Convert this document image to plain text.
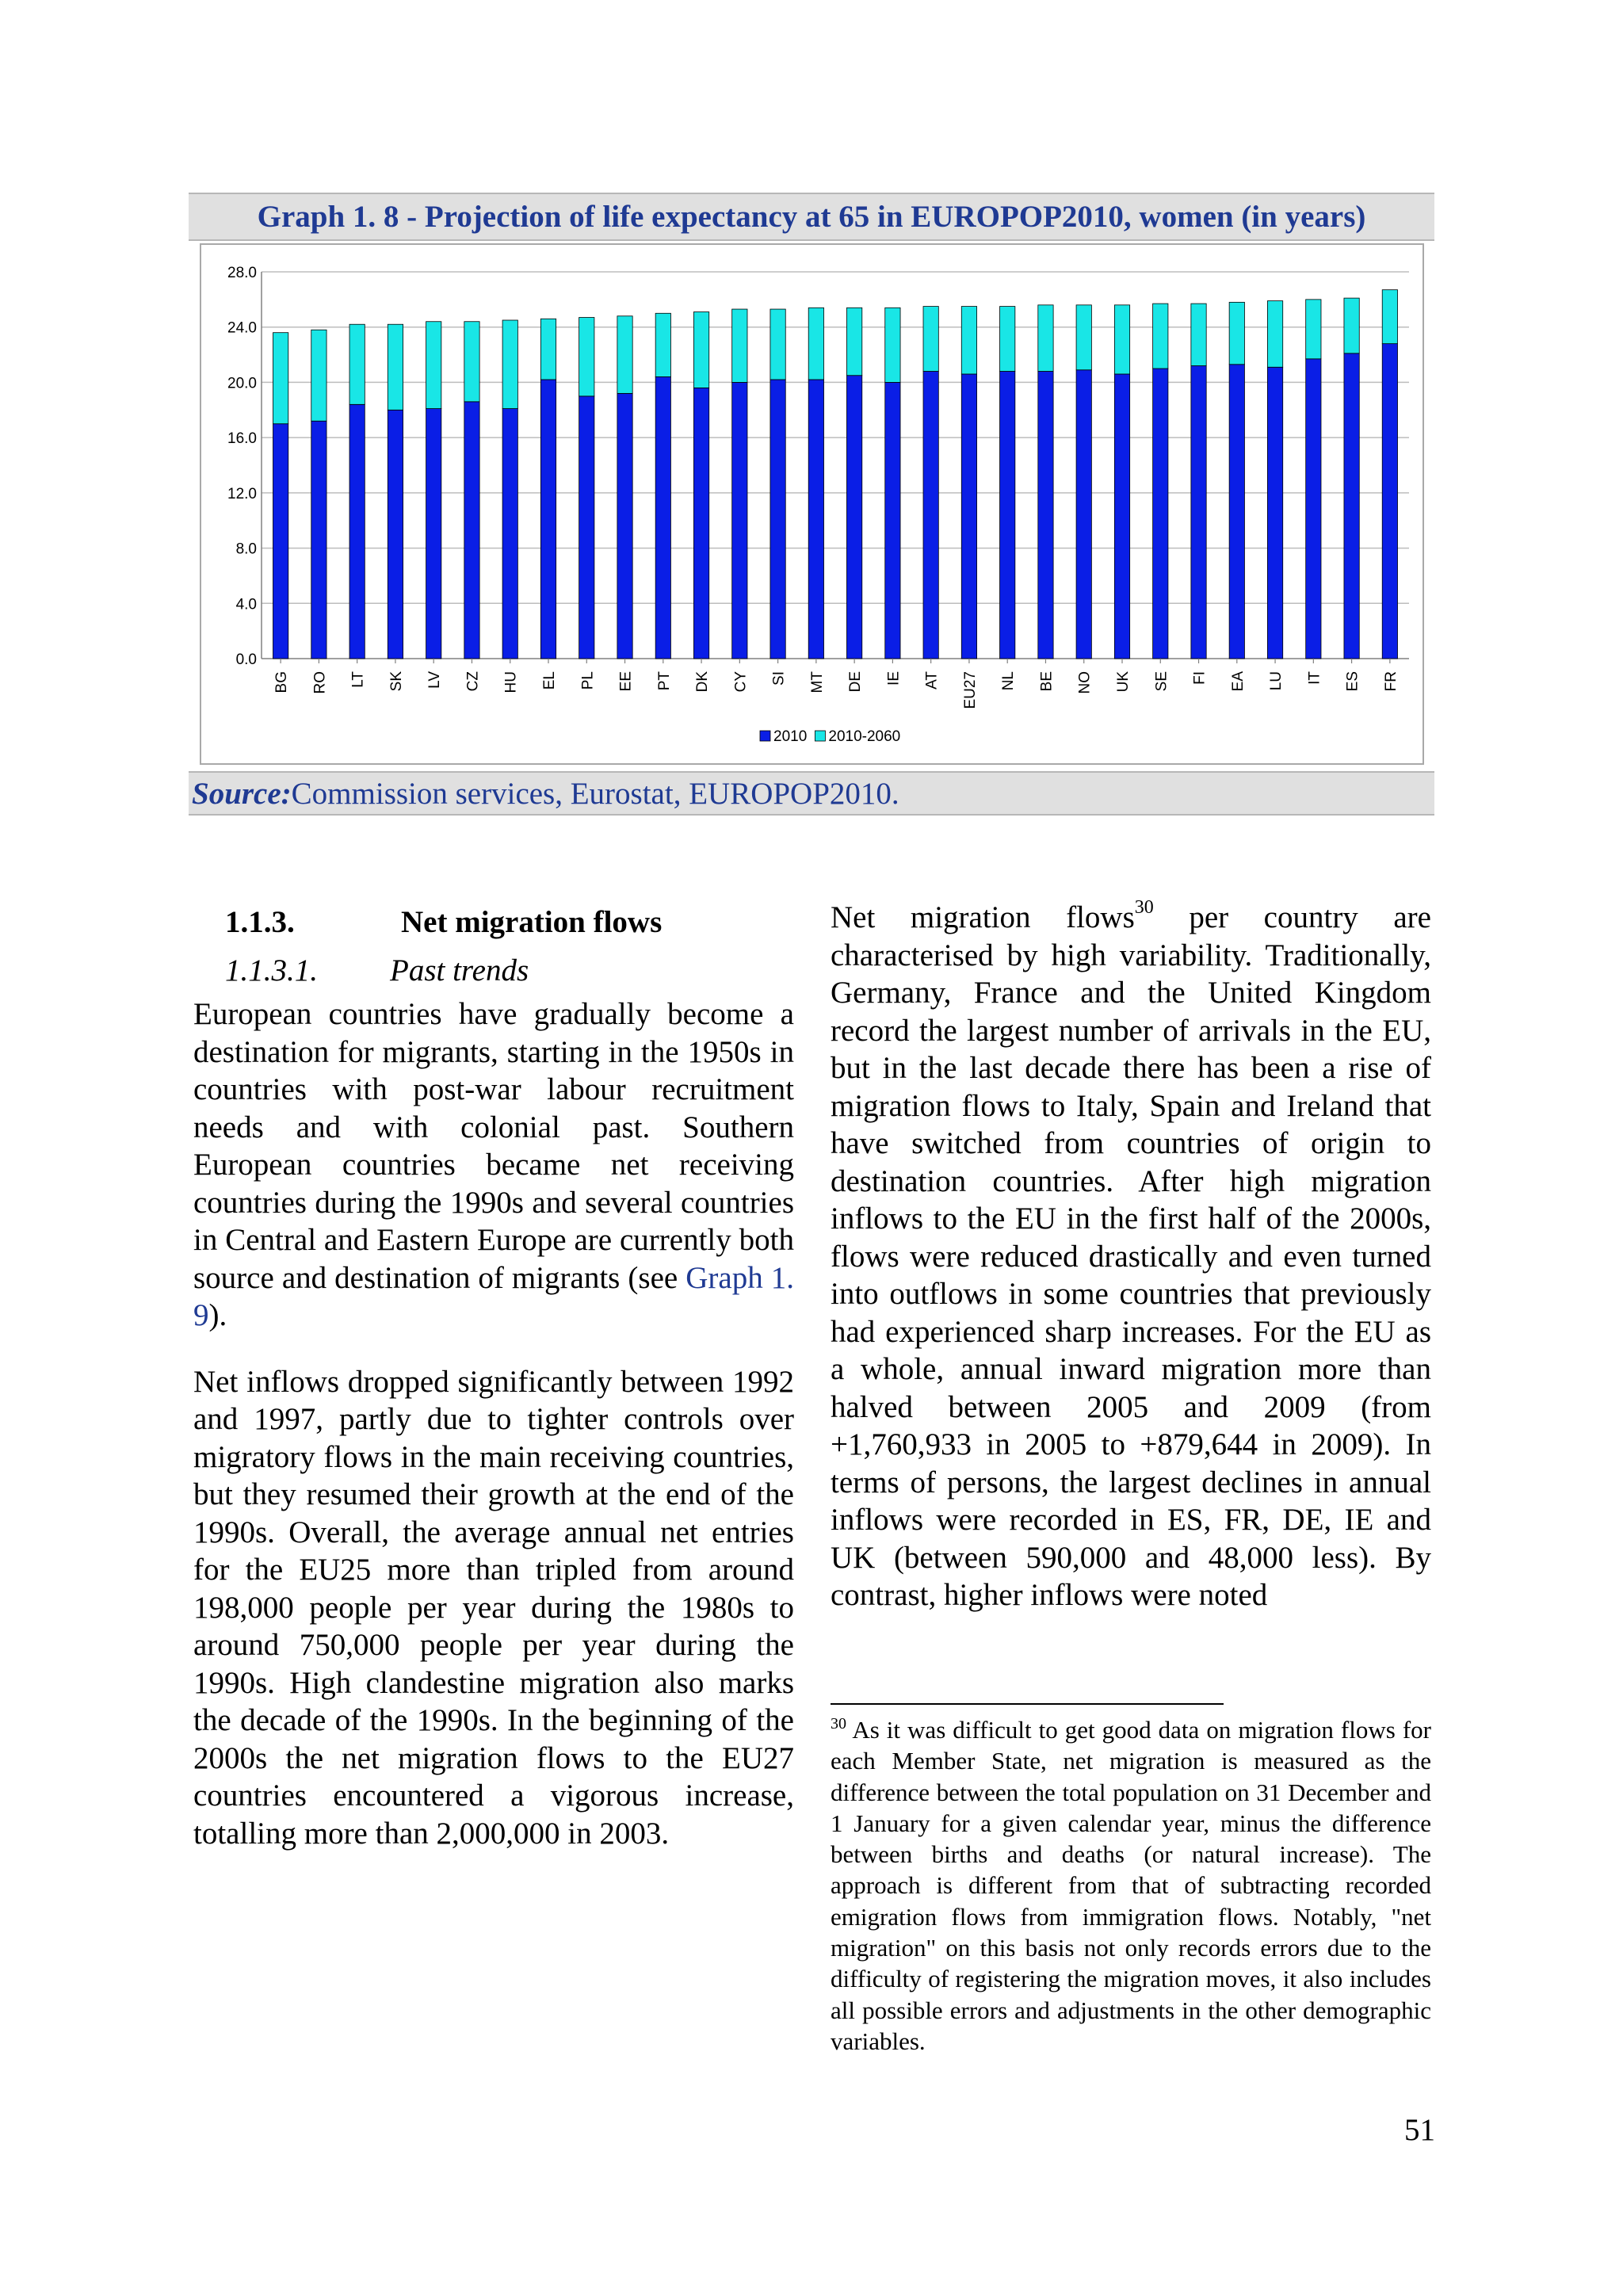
Graph 1. 8 - Projection of life expectancy at 65 in EUROPOP2010, women (in years)
0.0
4.0
8.0
12.0
16.0
20.0
24.0
28.0
BG RO LT SK LV CZ HU EL PL EE PT DK CY SI MT DE IE AT EU27 NL BE NO UK SE FI EA LU IT ES FR
2010 2010-2060
Source: Commission services, Eurostat, EUROPOP2010.
1.1.3.	Net migration flows
1.1.3.1.	Past trends

European countries have gradually become a destination for migrants, starting in the 1950s in countries with post-war labour recruitment needs and with colonial past. Southern European countries became net receiving countries during the 1990s and several countries in Central and Eastern Europe are currently both source and destination of migrants (see Graph 1. 9).

Net inflows dropped significantly between 1992 and 1997, partly due to tighter controls over migratory flows in the main receiving countries, but they resumed their growth at the end of the 1990s. Overall, the average annual net entries for the EU25 more than tripled from around 198,000 people per year during the 1980s to around 750,000 people per year during the 1990s. High clandestine migration also marks the decade of the 1990s. In the beginning of the 2000s the net migration flows to the EU27 countries encountered a vigorous increase, totalling more than 2,000,000 in 2003.

Net migration flows$^{30}$ per country are characterised by high variability. Traditionally, Germany, France and the United Kingdom record the largest number of arrivals in the EU, but in the last decade there has been a rise of migration flows to Italy, Spain and Ireland that have switched from countries of origin to destination countries. After high migration inflows to the EU in the first half of the 2000s, flows were reduced drastically and even turned into outflows in some countries that previously had experienced sharp increases. For the EU as a whole, annual inward migration more than halved between 2005 and 2009 (from +1,760,933 in 2005 to +879,644 in 2009). In terms of persons, the largest declines in annual inflows were recorded in ES, FR, DE, IE and UK (between 590,000 and 48,000 less). By contrast, higher inflows were noted

$^{30}$ As it was difficult to get good data on migration flows for each Member State, net migration is measured as the difference between the total population on 31 December and 1 January for a given calendar year, minus the difference between births and deaths (or natural increase). The approach is different from that of subtracting recorded emigration flows from immigration flows. Notably, "net migration" on this basis not only records errors due to the difficulty of registering the migration moves, it also includes all possible errors and adjustments in the other demographic variables.
51
